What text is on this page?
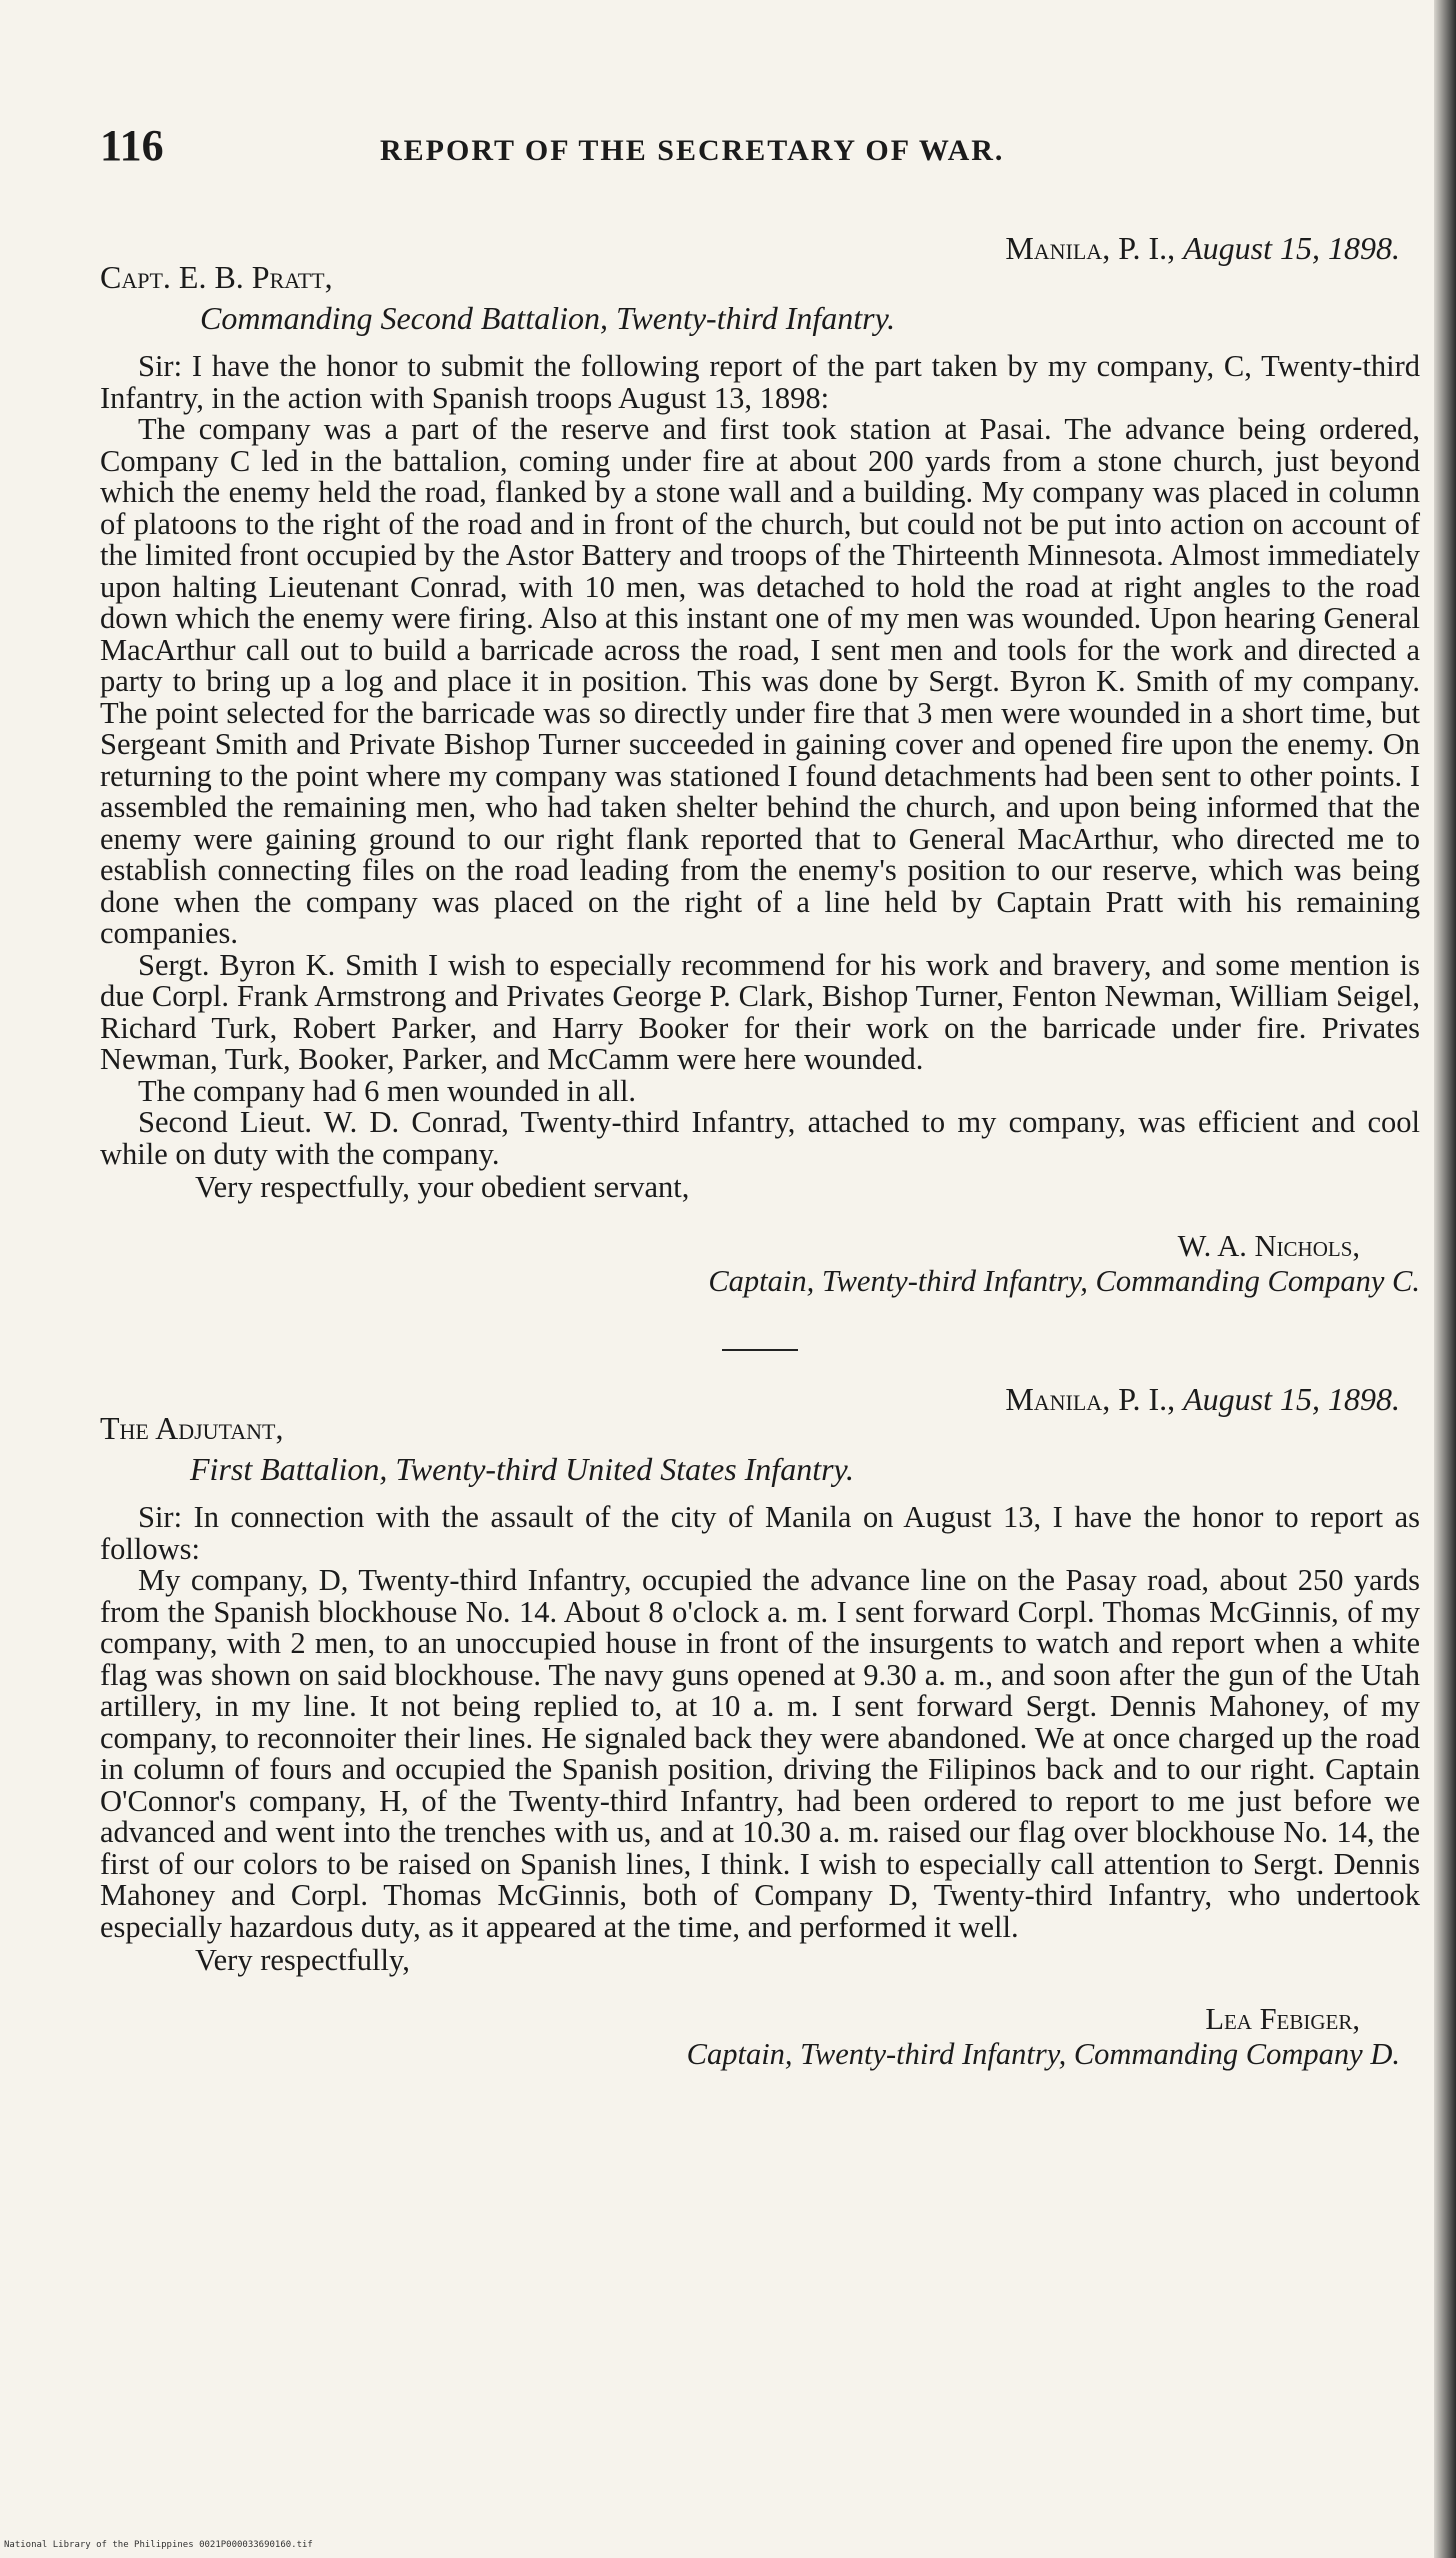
116	REPORT OF THE SECRETARY OF WAR.
Manila, P. I., August 15, 1898.
Capt. E. B. Pratt,
Commanding Second Battalion, Twenty-third Infantry.

Sir: I have the honor to submit the following report of the part taken by my company, C, Twenty-third Infantry, in the action with Spanish troops August 13, 1898:

The company was a part of the reserve and first took station at Pasai. The advance being ordered, Company C led in the battalion, coming under fire at about 200 yards from a stone church, just beyond which the enemy held the road, flanked by a stone wall and a building. My company was placed in column of platoons to the right of the road and in front of the church, but could not be put into action on account of the limited front occupied by the Astor Battery and troops of the Thirteenth Minnesota. Almost immediately upon halting Lieutenant Conrad, with 10 men, was detached to hold the road at right angles to the road down which the enemy were firing. Also at this instant one of my men was wounded. Upon hearing General MacArthur call out to build a barricade across the road, I sent men and tools for the work and directed a party to bring up a log and place it in position. This was done by Sergt. Byron K. Smith of my company. The point selected for the barricade was so directly under fire that 3 men were wounded in a short time, but Sergeant Smith and Private Bishop Turner succeeded in gaining cover and opened fire upon the enemy. On returning to the point where my company was stationed I found detachments had been sent to other points. I assembled the remaining men, who had taken shelter behind the church, and upon being informed that the enemy were gaining ground to our right flank reported that to General MacArthur, who directed me to establish connecting files on the road leading from the enemy's position to our reserve, which was being done when the company was placed on the right of a line held by Captain Pratt with his remaining companies.

Sergt. Byron K. Smith I wish to especially recommend for his work and bravery, and some mention is due Corpl. Frank Armstrong and Privates George P. Clark, Bishop Turner, Fenton Newman, William Seigel, Richard Turk, Robert Parker, and Harry Booker for their work on the barricade under fire. Privates Newman, Turk, Booker, Parker, and McCamm were here wounded.

The company had 6 men wounded in all.

Second Lieut. W. D. Conrad, Twenty-third Infantry, attached to my company, was efficient and cool while on duty with the company.

Very respectfully, your obedient servant,
W. A. Nichols,
Captain, Twenty-third Infantry, Commanding Company C.
Manila, P. I., August 15, 1898.
The Adjutant,
First Battalion, Twenty-third United States Infantry.

Sir: In connection with the assault of the city of Manila on August 13, I have the honor to report as follows:

My company, D, Twenty-third Infantry, occupied the advance line on the Pasay road, about 250 yards from the Spanish blockhouse No. 14. About 8 o'clock a. m. I sent forward Corpl. Thomas McGinnis, of my company, with 2 men, to an unoccupied house in front of the insurgents to watch and report when a white flag was shown on said blockhouse. The navy guns opened at 9.30 a. m., and soon after the gun of the Utah artillery, in my line. It not being replied to, at 10 a. m. I sent forward Sergt. Dennis Mahoney, of my company, to reconnoiter their lines. He signaled back they were abandoned. We at once charged up the road in column of fours and occupied the Spanish position, driving the Filipinos back and to our right. Captain O'Connor's company, H, of the Twenty-third Infantry, had been ordered to report to me just before we advanced and went into the trenches with us, and at 10.30 a. m. raised our flag over blockhouse No. 14, the first of our colors to be raised on Spanish lines, I think. I wish to especially call attention to Sergt. Dennis Mahoney and Corpl. Thomas McGinnis, both of Company D, Twenty-third Infantry, who undertook especially hazardous duty, as it appeared at the time, and performed it well.

Very respectfully,
Lea Febiger,
Captain, Twenty-third Infantry, Commanding Company D.
National Library of the Philippines 0021P000033690160.tif
